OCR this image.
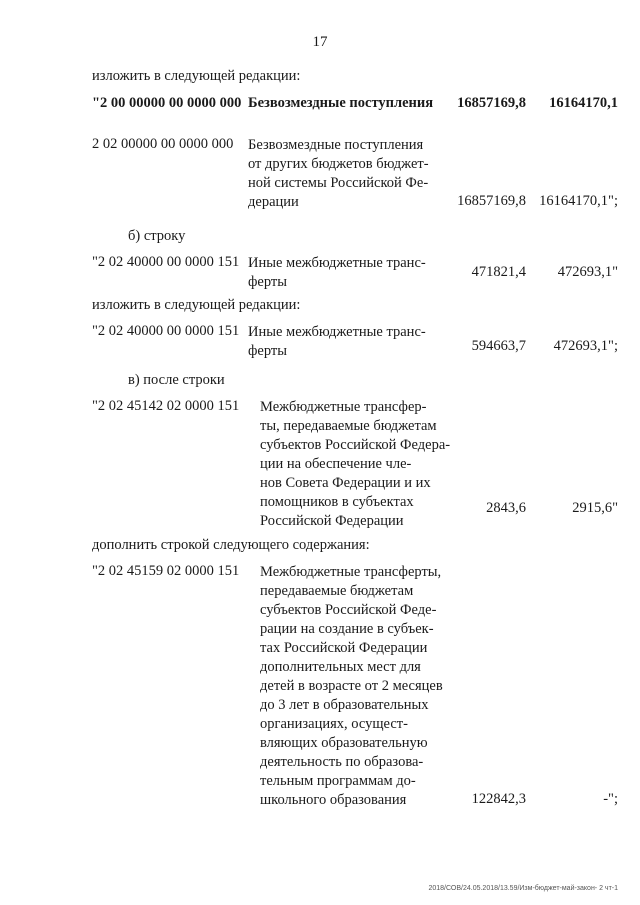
17
изложить в следующей редакции:
"2 00 00000 00 0000 000 Безвозмездные поступления	16857169,8	16164170,1
2 02 00000 00 0000 000 Безвозмездные поступления
от других бюджетов бюджет-
ной системы Российской Фе-
дерации	16857169,8 16164170,1";
б) строку
"2 02 40000 00 0000 151 Иные межбюджетные транс-
ферты
471821,4	472693,1"
изложить в следующей редакции:
"2 02 40000 00 0000 151 Иные межбюджетные транс-
ферты	594663,7	472693,1";
в) после строки
"2 02 45142 02 0000 151 Межбюджетные трансфер-
ты, передаваемые бюджетам
субъектов Российской Федера-
ции на обеспечение чле-
нов Совета Федерации и их
помощников в субъектах
Российской Федерации
2843,6	2915,6"
дополнить строкой следующего содержания:
"2 02 45159 02 0000 151 Межбюджетные трансферты,
передаваемые бюджетам
субъектов Российской Феде-
рации на создание в субъек-
тах Российской Федерации
дополнительных мест для
детей в возрасте от 2 месяцев
до 3 лет в образовательных
организациях, осущест-
вляющих образовательную
деятельность по образова-
тельным программам до-
школьного образования	122842,3	-";
2018/СОВ/24.05.2018/13.59/Изм-бюджет-май-закон- 2 чт-1
